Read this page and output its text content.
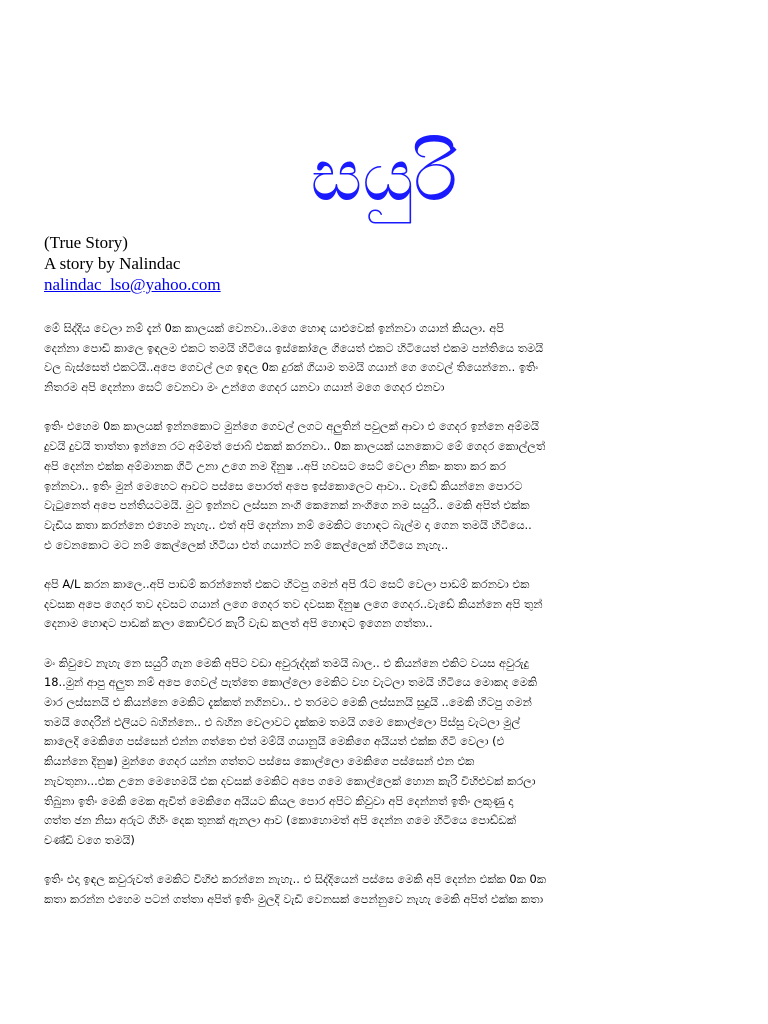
සයුරි
(True Story)
A story by Nalindac
nalindac_lso@yahoo.com
මේ සිද්දිය වෙලා නම් දැන් 0ක කාලයක් වෙනවා..මගෙ හොඳ යාළුවෙක් ඉන්නවා ගයාන් කියලා. අපි
දෙන්නා පොඩි කාලෙ ඉඳලම එකට තමයි හිටියෙ ඉස්කෝලෙ ගියෙත් එකට හිටියෙත් එකම පන්තියෙ තමයි
වල බැස්සෙත් එකටයි..අපෙ ගෙවල් ලග ඉඳල 0ක දුරක් ගියාම තමයි ගයාන් ගෙ ගෙවල් තියෙන්නෙ.. ඉතිං
නිතරම අපි දෙන්නා සෙට් වෙනවා මං උන්ගෙ ගෙදර යනවා ගයාන් මගෙ ගෙදර එනවා
ඉතිං එහෙම 0ක කාලයක් ඉන්නකොට මුන්ගෙ ගෙවල් ලගට අලුතින් පවුලක් ආවා එ ගෙදර ඉන්නෙ අම්මයි
දුවයි දුවයි තාත්තා ඉන්නෙ රට අම්මත් ජොබ් එකක් කරනවා.. 0ක කාලයක් යනකොට මේ ගෙදර කොල්ලත්
අපි දෙන්න එක්ක අම්මානක ගිටි උනා උගෙ නම දිනුෂ ..අපි හවසට සෙට් වෙලා නිකං කතා කර කර
ඉන්නවා.. ඉතිං මුන් මෙහෙට ආවට පස්සෙ පොරත් අපෙ ඉස්කොලෙට ආවා.. වැඩේ කියන්නෙ පොරට
වැටුනෙත් අපෙ පන්තියටමයි. මුට ඉන්නව ලස්සන නංගි කෙනෙක් නංගිගෙ නම සයුරි.. මෙකි අපිත් එක්ක
වැඩිය කතා කරන්නෙ එහෙම නැහැ.. එත් අපි දෙන්නා නම් මෙකිට හොඳට බැල්ම දා ගෙන තමයි හිටියෙ..
එ වෙනකොට මට නම් කෙල්ලෙක් හිටියා එත් ගයාන්ට නම් කෙල්ලෙක් හිටියෙ නැහැ..
අපි A/L කරන කාලෙ..අපි පාඩම් කරන්නෙත් එකට හිටපු ගමන් අපි රෑට සෙට් වෙලා පාඩම් කරනවා එක
දවසක අපෙ ගෙදර තව දවසට ගයාන් ලගෙ ගෙදර තව දවසක දිනුෂ ලගෙ ගෙදර..වැඩේ කියන්නෙ අපි තුන්
දෙනාම හොඳට පාඩක් කලා කොච්චර කැරි වැඩ කලත් අපි හොඳට ඉගෙන ගත්තා..
මං කිවුවෙ නැහැ නෙ සයුරි ගැන මෙකි අපිට වඩා අවුරුද්දක් තමයි බාල.. එ කියන්නෙ එකිට වයස අවුරුදු
18..මුන් ආපු අලුත නම් අපෙ ගෙවල් පැත්තෙ කොල්ලො මෙකිට වහ වැටලා තමයි හිටියෙ මොකද මෙකි
මාර ලස්සනයි එ කියන්නෙ මෙකිට දැක්කත් නගිනවා.. එ තරමට මෙකි ලස්සනයි සුදුයි ..මෙකි හිටපු ගමන්
තමයි ගෙදරින් එලියට බහින්නෙ.. එ බහින වෙලාවට දැක්කම තමයි ගමෙ කොල්ලො පිස්සු වැටලා මුල්
කාලෙදි මෙකිගෙ පස්සෙන් එන්න ගත්තෙ එත් මම්යි ගයානුයි මෙකිගෙ අයියත් එක්ක ගිටි වෙලා (එ
කියන්නෙ දිනුෂ) මුන්ගෙ ගෙදර යන්න ගත්තට පස්සෙ කොල්ලො මෙකිගෙ පස්සෙන් එන එක
නැවතුනා...එක උනෙ මෙහෙමයි එක දවසක් මෙකිට අපෙ ගමෙ කොල්ලෙක් හොන කැරි විහිළුවක් කරලා
තිබුනා ඉතිං මෙකි මෙක ඇවිත් මෙකිගෙ අයියට කියල පොර අපිට කිවුවා අපි දෙන්නත් ඉතිං ලකුණු දා
ගත්ත ඡන නිසා අරුට ගිහිං දෙක තුනක් ඇනලා ආව (කොහොමත් අපි දෙන්න ගමෙ හිටියෙ පොඩ්ඩක්
චණ්ඩි වගෙ තමයි)
ඉතිං එදා ඉඳල කවුරුවත් මෙකිට විහිළු කරන්නෙ නැහැ.. එ සිද්දියෙන් පස්සෙ මෙකි අපි දෙන්න එක්ක 0ක 0ක
කතා කරන්න එහෙම පටන් ගත්තා අපිත් ඉතිං මුලදි වැඩි වෙනසක් පෙන්නුවෙ නැහැ මෙකි අපිත් එක්ක කතා
